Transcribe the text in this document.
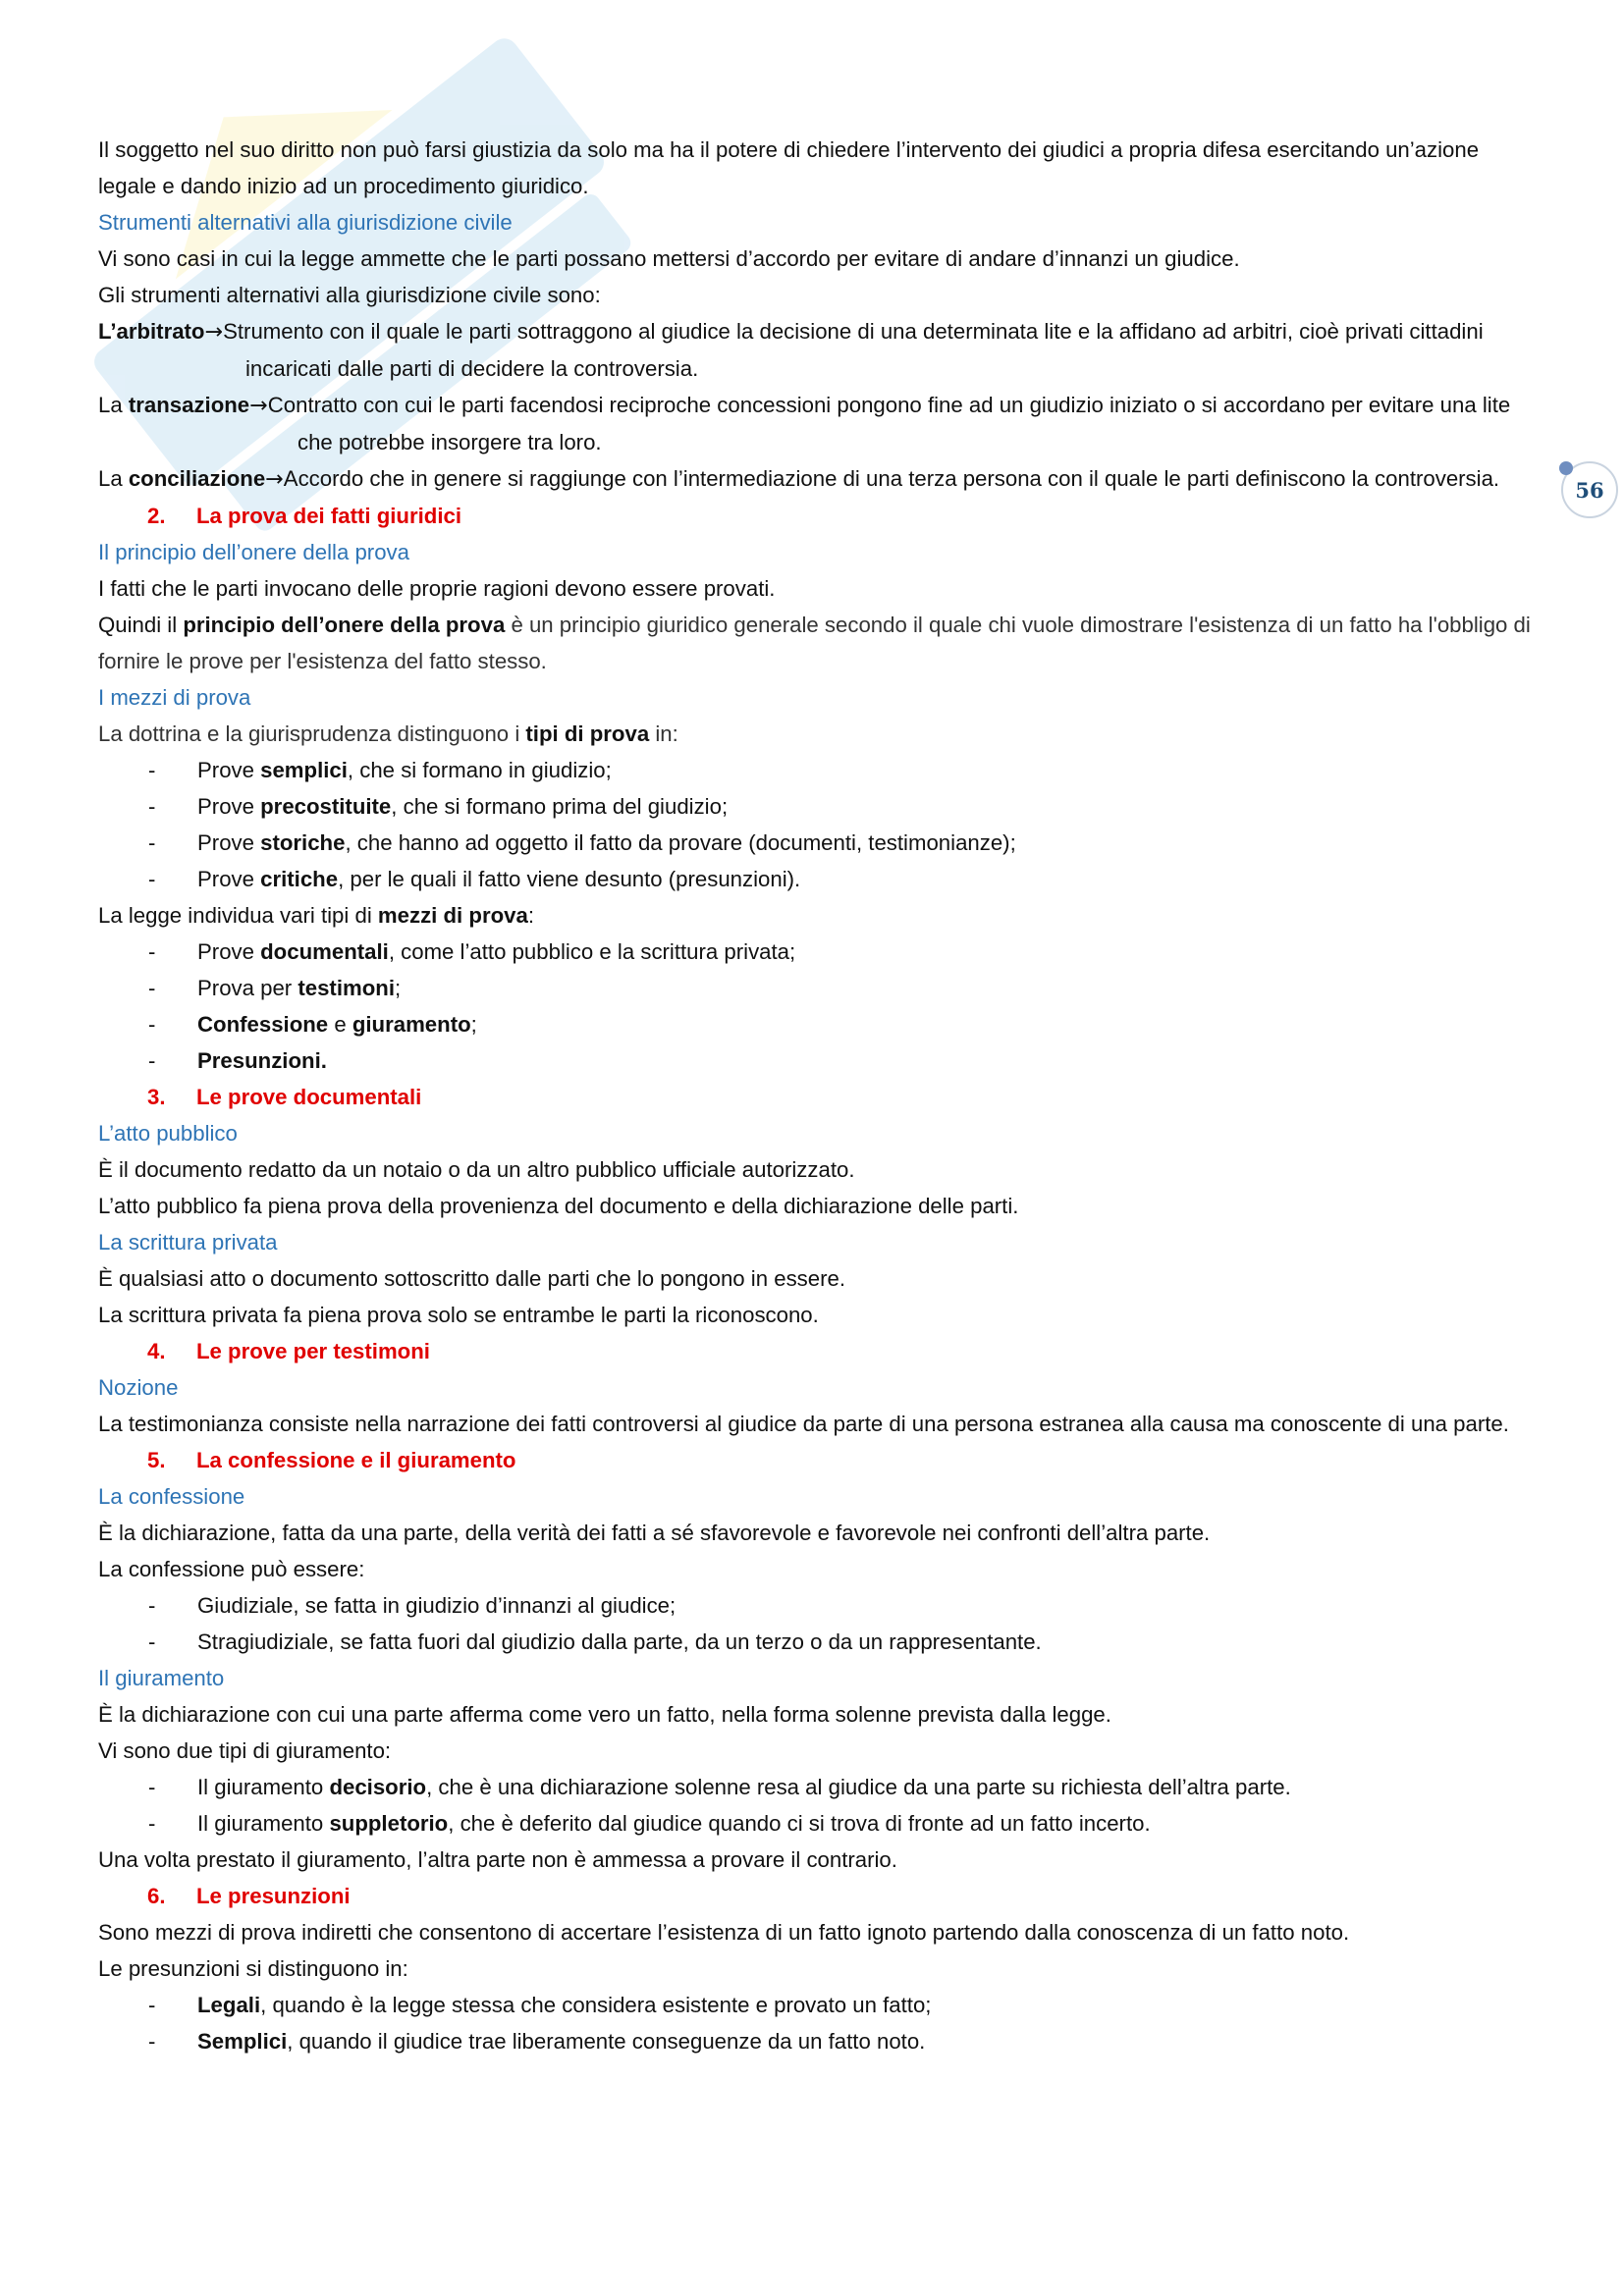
56

Il soggetto nel suo diritto non può farsi giustizia da solo ma ha il potere di chiedere l’intervento dei giudici a propria difesa esercitando un’azione legale e dando inizio ad un procedimento giuridico.

Strumenti alternativi alla giurisdizione civile

Vi sono casi in cui la legge ammette che le parti possano mettersi d’accordo per evitare di andare d’innanzi un giudice.

Gli strumenti alternativi alla giurisdizione civile sono:

L’arbitrato→Strumento con il quale le parti sottraggono al giudice la decisione di una determinata lite e la affidano ad arbitri, cioè privati cittadini incaricati dalle parti di decidere la controversia.

La transazione→Contratto con cui le parti facendosi reciproche concessioni pongono fine ad un giudizio iniziato o si accordano per evitare una lite che potrebbe insorgere tra loro.

La conciliazione→Accordo che in genere si raggiunge con l’intermediazione di una terza persona con il quale le parti definiscono la controversia.

2. La prova dei fatti giuridici

Il principio dell’onere della prova

I fatti che le parti invocano delle proprie ragioni devono essere provati.

Quindi il principio dell’onere della prova è un principio giuridico generale secondo il quale chi vuole dimostrare l'esistenza di un fatto ha l'obbligo di fornire le prove per l'esistenza del fatto stesso.

I mezzi di prova

La dottrina e la giurisprudenza distinguono i tipi di prova in:

- Prove semplici, che si formano in giudizio;
- Prove precostituite, che si formano prima del giudizio;
- Prove storiche, che hanno ad oggetto il fatto da provare (documenti, testimonianze);
- Prove critiche, per le quali il fatto viene desunto (presunzioni).

La legge individua vari tipi di mezzi di prova:

- Prove documentali, come l’atto pubblico e la scrittura privata;
- Prova per testimoni;
- Confessione e giuramento;
- Presunzioni.

3. Le prove documentali

L’atto pubblico

È il documento redatto da un notaio o da un altro pubblico ufficiale autorizzato.

L’atto pubblico fa piena prova della provenienza del documento e della dichiarazione delle parti.

La scrittura privata

È qualsiasi atto o documento sottoscritto dalle parti che lo pongono in essere.

La scrittura privata fa piena prova solo se entrambe le parti la riconoscono.

4. Le prove per testimoni

Nozione

La testimonianza consiste nella narrazione dei fatti controversi al giudice da parte di una persona estranea alla causa ma conoscente di una parte.

5. La confessione e il giuramento

La confessione

È la dichiarazione, fatta da una parte, della verità dei fatti a sé sfavorevole e favorevole nei confronti dell’altra parte.

La confessione può essere:

- Giudiziale, se fatta in giudizio d’innanzi al giudice;
- Stragiudiziale, se fatta fuori dal giudizio dalla parte, da un terzo o da un rappresentante.

Il giuramento

È la dichiarazione con cui una parte afferma come vero un fatto, nella forma solenne prevista dalla legge.

Vi sono due tipi di giuramento:

- Il giuramento decisorio, che è una dichiarazione solenne resa al giudice da una parte su richiesta dell’altra parte.
- Il giuramento suppletorio, che è deferito dal giudice quando ci si trova di fronte ad un fatto incerto.

Una volta prestato il giuramento, l’altra parte non è ammessa a provare il contrario.

6. Le presunzioni

Sono mezzi di prova indiretti che consentono di accertare l’esistenza di un fatto ignoto partendo dalla conoscenza di un fatto noto.

Le presunzioni si distinguono in:

- Legali, quando è la legge stessa che considera esistente e provato un fatto;
- Semplici, quando il giudice trae liberamente conseguenze da un fatto noto.
